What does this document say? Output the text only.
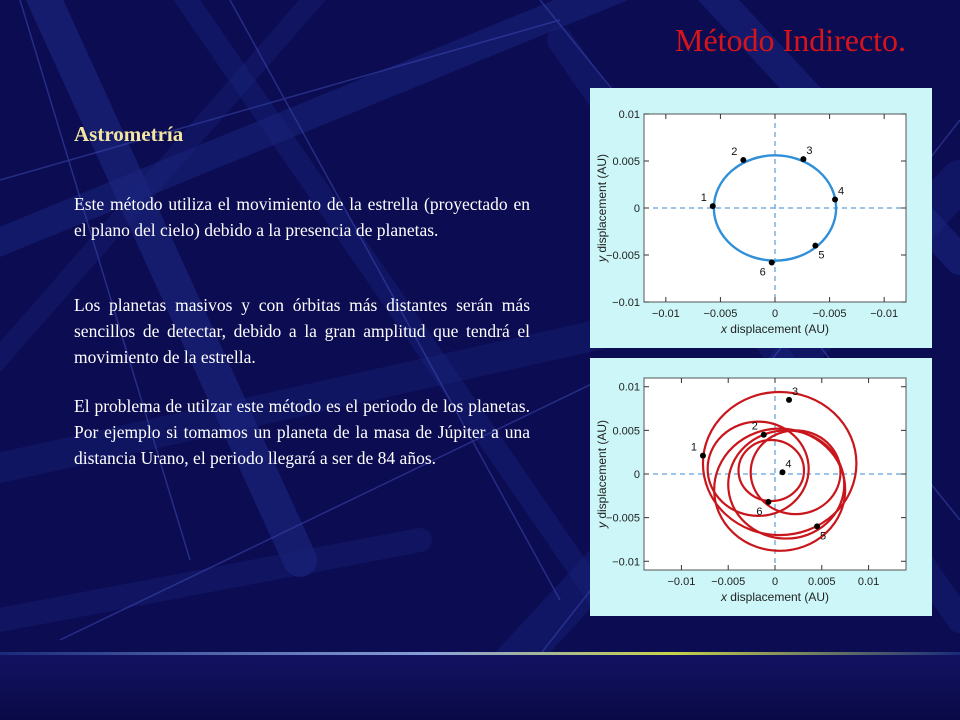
Método Indirecto.
Astrometría

Este método utiliza el movimiento de la estrella (proyectado en el plano del cielo) debido a la presencia de planetas.

Los planetas masivos y con órbitas más distantes serán más sencillos de detectar, debido a la gran amplitud que tendrá el movimiento de la estrella.

El problema de utilzar este método es el periodo de los planetas. Por ejemplo si tomamos un planeta de la masa de Júpiter a una distancia Urano, el periodo llegará a ser de 84 años.

−0.01 −0.005	0	−0.005 −0.01
0.01
0.005
0
−0.005
−0.01
x displacement (AU)
y displacement (AU)	1
2	3
4
5
6
−0.01 −0.005 0	0.005 0.01
0.01
0.005
0
−0.005
−0.01
x displacement (AU)
y displacement (AU)	1
2
3
4
5
6
